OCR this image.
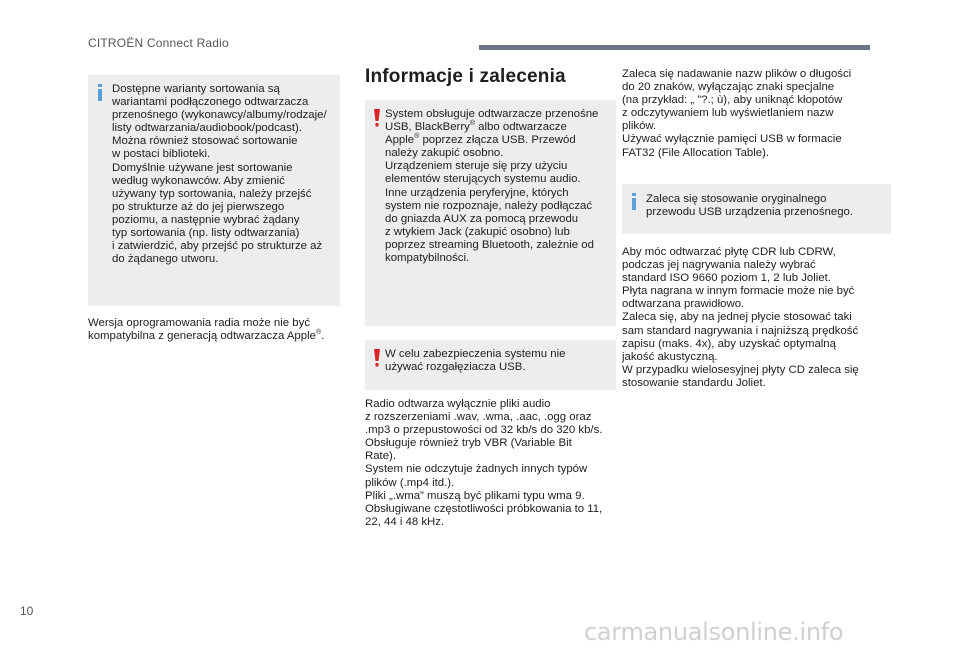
CITROËN Connect Radio

Dostępne warianty sortowania są
wariantami podłączonego odtwarzacza
przenośnego (wykonawcy/albumy/rodzaje/
listy odtwarzania/audiobook/podcast).
Można również stosować sortowanie
w postaci biblioteki.
Domyślnie używane jest sortowanie
według wykonawców. Aby zmienić
używany typ sortowania, należy przejść
po strukturze aż do jej pierwszego
poziomu, a następnie wybrać żądany
typ sortowania (np. listy odtwarzania)
i zatwierdzić, aby przejść po strukturze aż
do żądanego utworu.

Wersja oprogramowania radia może nie być
kompatybilna z generacją odtwarzacza Apple®.

Informacje i zalecenia

System obsługuje odtwarzacze przenośne
USB, BlackBerry® albo odtwarzacze
Apple® poprzez złącza USB. Przewód
należy zakupić osobno.
Urządzeniem steruje się przy użyciu
elementów sterujących systemu audio.
Inne urządzenia peryferyjne, których
system nie rozpoznaje, należy podłączać
do gniazda AUX za pomocą przewodu
z wtykiem Jack (zakupić osobno) lub
poprzez streaming Bluetooth, zależnie od
kompatybilności.

W celu zabezpieczenia systemu nie
używać rozgałęziacza USB.

Radio odtwarza wyłącznie pliki audio
z rozszerzeniami .wav, .wma, .aac, .ogg oraz
.mp3 o przepustowości od 32 kb/s do 320 kb/s.
Obsługuje również tryb VBR (Variable Bit
Rate).
System nie odczytuje żadnych innych typów
plików (.mp4 itd.).
Pliki „.wma” muszą być plikami typu wma 9.
Obsługiwane częstotliwości próbkowania to 11,
22, 44 i 48 kHz.

Zaleca się nadawanie nazw plików o długości
do 20 znaków, wyłączając znaki specjalne
(na przykład: „ ”?.; ù), aby uniknąć kłopotów
z odczytywaniem lub wyświetlaniem nazw
plików.
Używać wyłącznie pamięci USB w formacie
FAT32 (File Allocation Table).

Zaleca się stosowanie oryginalnego
przewodu USB urządzenia przenośnego.

Aby móc odtwarzać płytę CDR lub CDRW,
podczas jej nagrywania należy wybrać
standard ISO 9660 poziom 1, 2 lub Joliet.
Płyta nagrana w innym formacie może nie być
odtwarzana prawidłowo.
Zaleca się, aby na jednej płycie stosować taki
sam standard nagrywania i najniższą prędkość
zapisu (maks. 4x), aby uzyskać optymalną
jakość akustyczną.
W przypadku wielosesyjnej płyty CD zaleca się
stosowanie standardu Joliet.

10
carmanualsonline.info
